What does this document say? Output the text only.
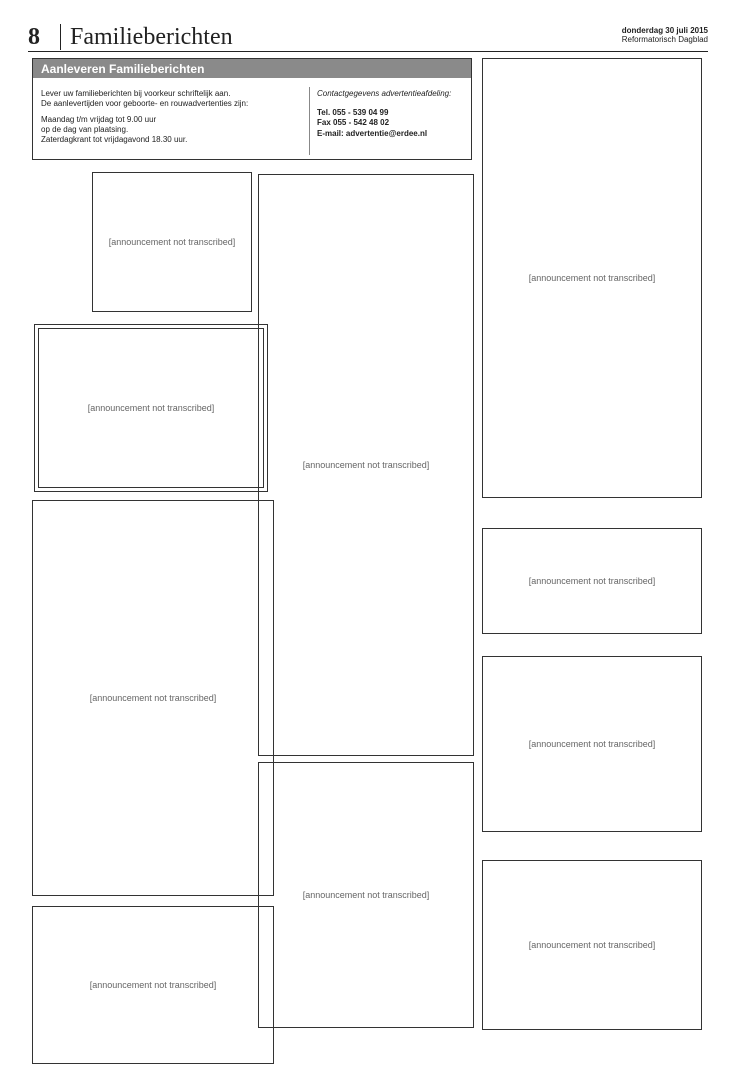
8	Familieberichten	donderdag 30 juli 2015
Reformatorisch Dagblad
Aanleveren Familieberichten

Lever uw familieberichten bij voorkeur schriftelijk aan.
De aanlevertijden voor geboorte- en rouwadvertenties zijn:

Maandag t/m vrijdag tot 9.00 uur
op de dag van plaatsing.
Zaterdagkrant tot vrijdagavond 18.30 uur.

Contactgegevens advertentieafdeling:
Tel. 055 - 539 04 99
Fax 055 - 542 48 02
E-mail: advertentie@erdee.nl
[announcement not transcribed]
[announcement not transcribed]
[announcement not transcribed]
[announcement not transcribed]
[announcement not transcribed]
[announcement not transcribed]
[announcement not transcribed]
[announcement not transcribed]
[announcement not transcribed]
[announcement not transcribed]
